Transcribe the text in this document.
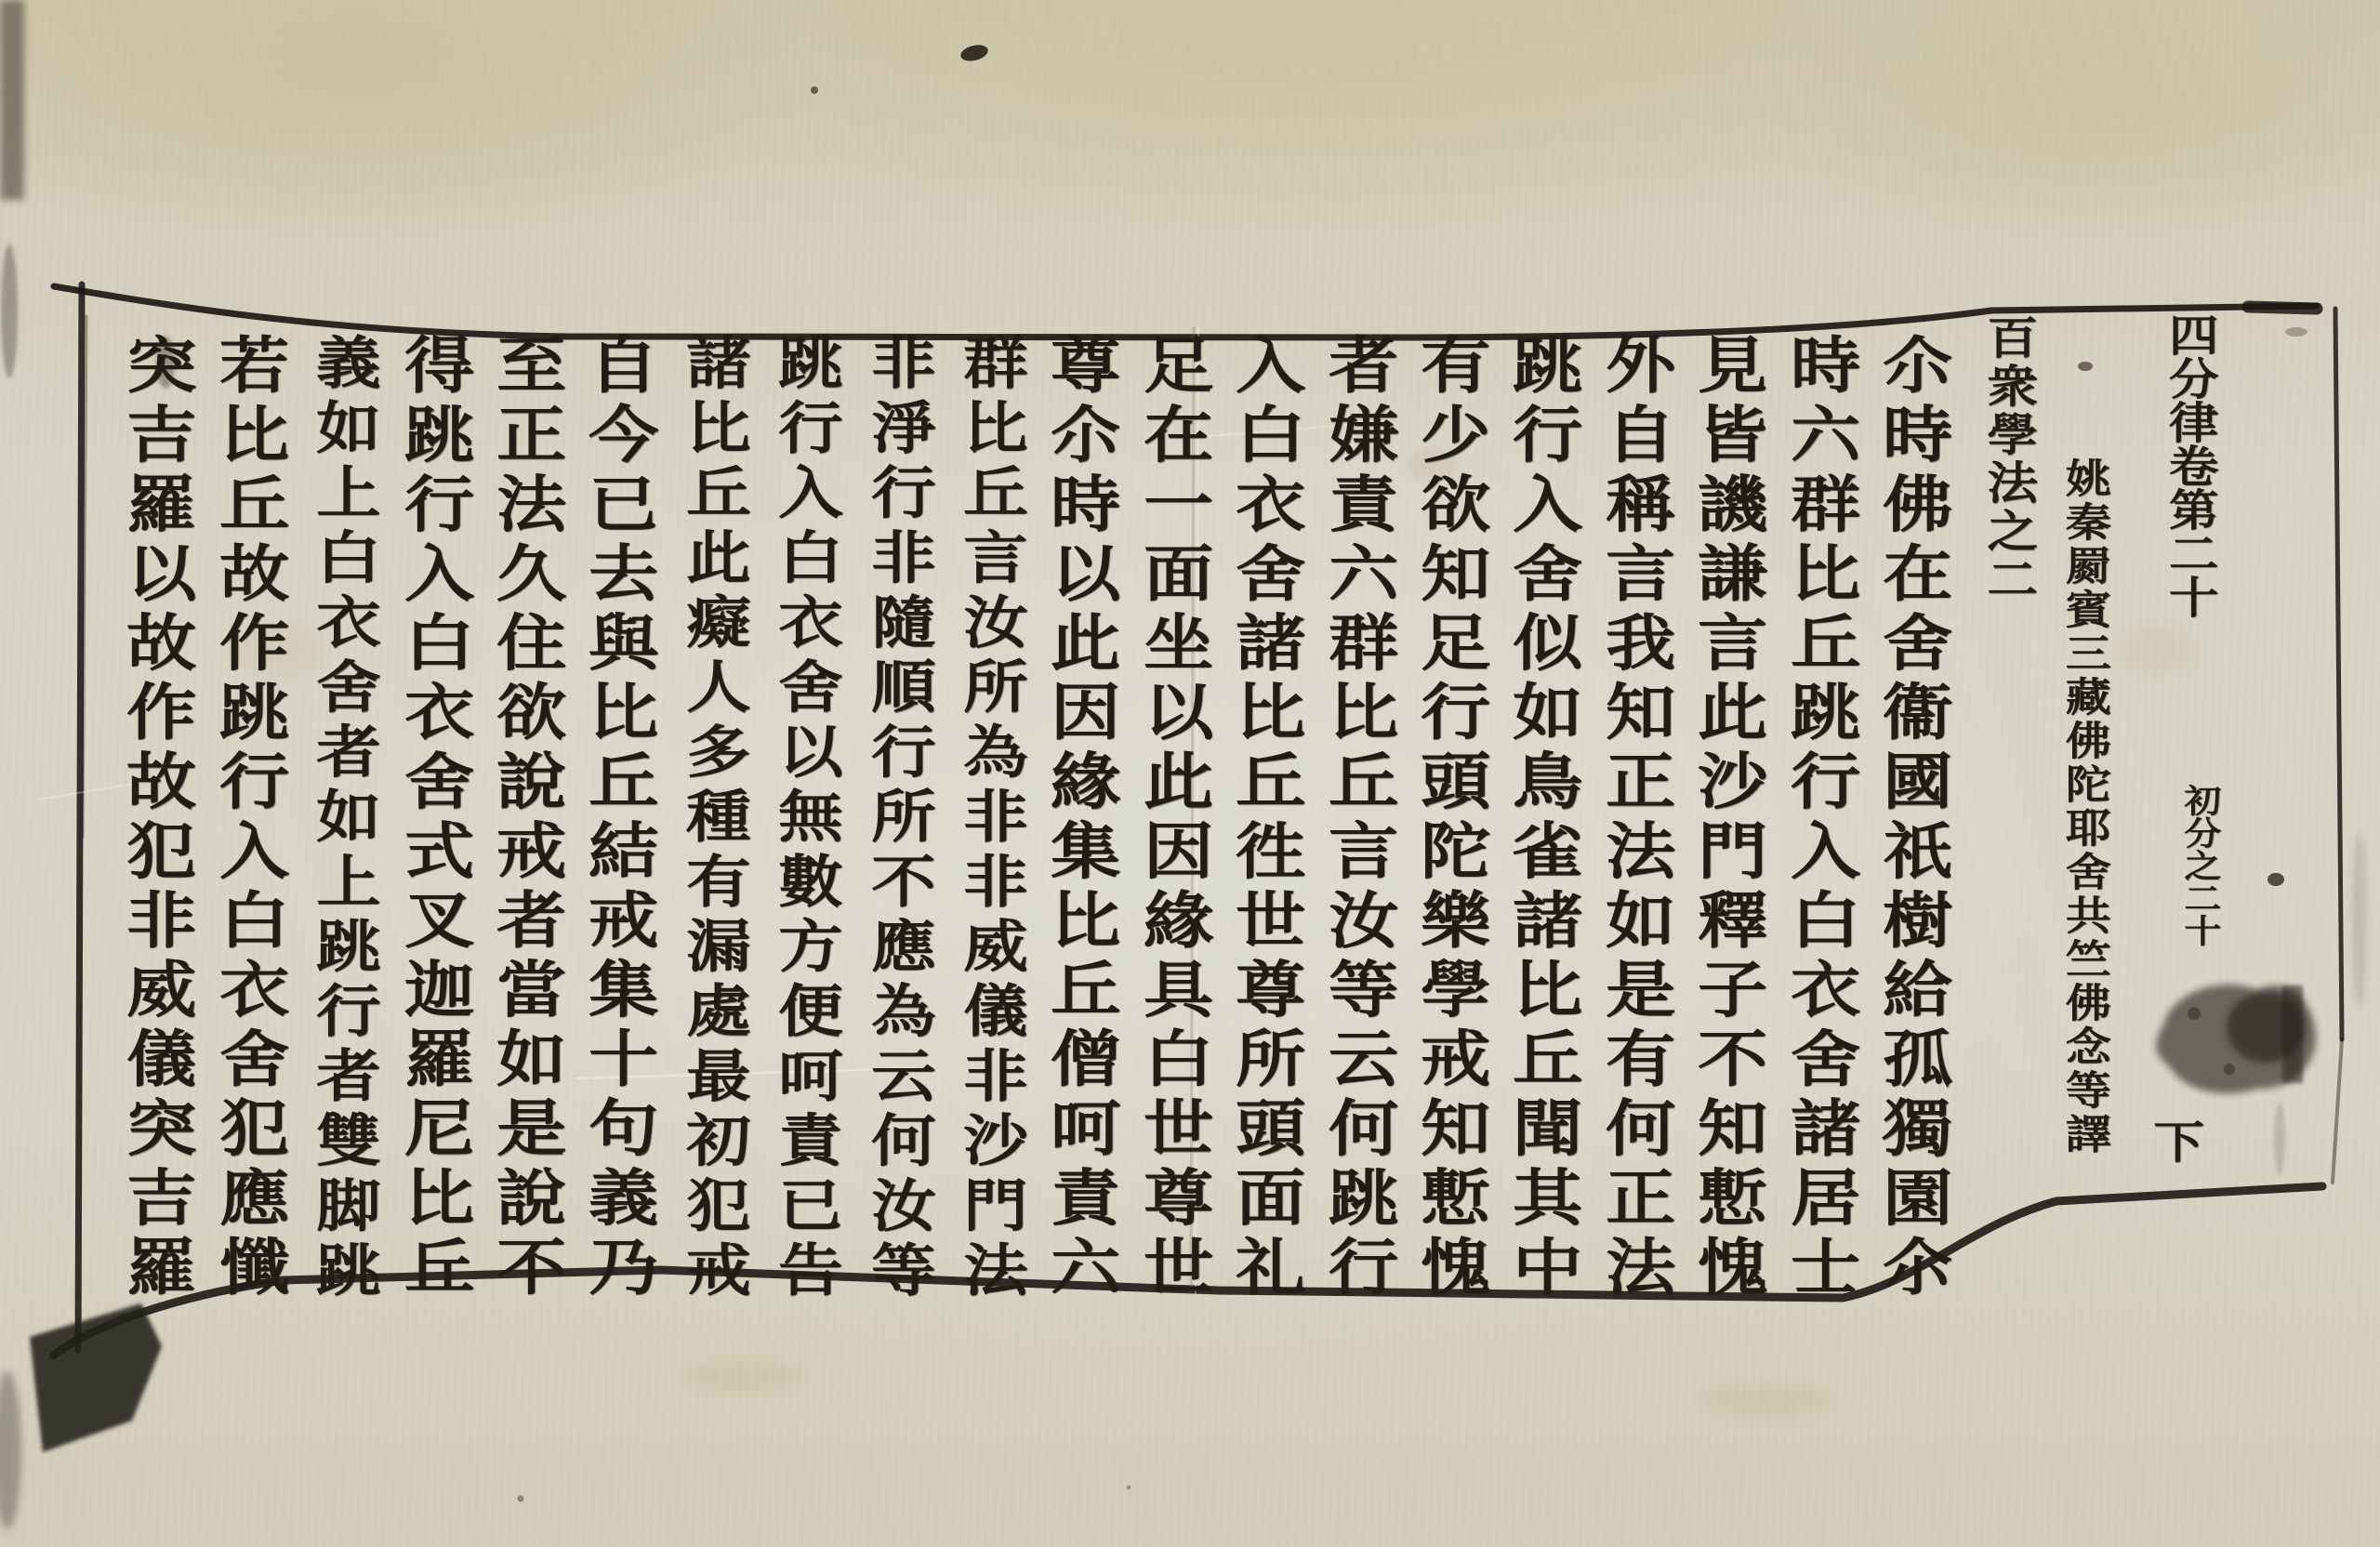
四分律卷第二十初分之二十下
姚秦罽賓三藏佛陀耶舍共竺佛念等譯
百衆學法之二
尒時佛在舍衞國祇樹給孤獨園尒
時六群比丘跳行入白衣舍諸居士
見皆譏謙言此沙門釋子不知慙愧
外自稱言我知正法如是有何正法
跳行入舍似如鳥雀諸比丘聞其中
有少欲知足行頭陀樂學戒知慙愧
者嫌責六群比丘言汝等云何跳行
入白衣舍諸比丘徃世尊所頭面礼
足在一面坐以此因緣具白世尊世
尊尒時以此因緣集比丘僧呵責六
群比丘言汝所為非非威儀非沙門法
非淨行非隨順行所不應為云何汝等
跳行入白衣舍以無數方便呵責已告
諸比丘此癡人多種有漏處最初犯戒
自今已去與比丘結戒集十句義乃
至正法久住欲說戒者當如是說不
得跳行入白衣舍式叉迦羅尼比丘
義如上白衣舍者如上跳行者雙脚跳
若比丘故作跳行入白衣舍犯應懺
突吉羅以故作故犯非威儀突吉羅
